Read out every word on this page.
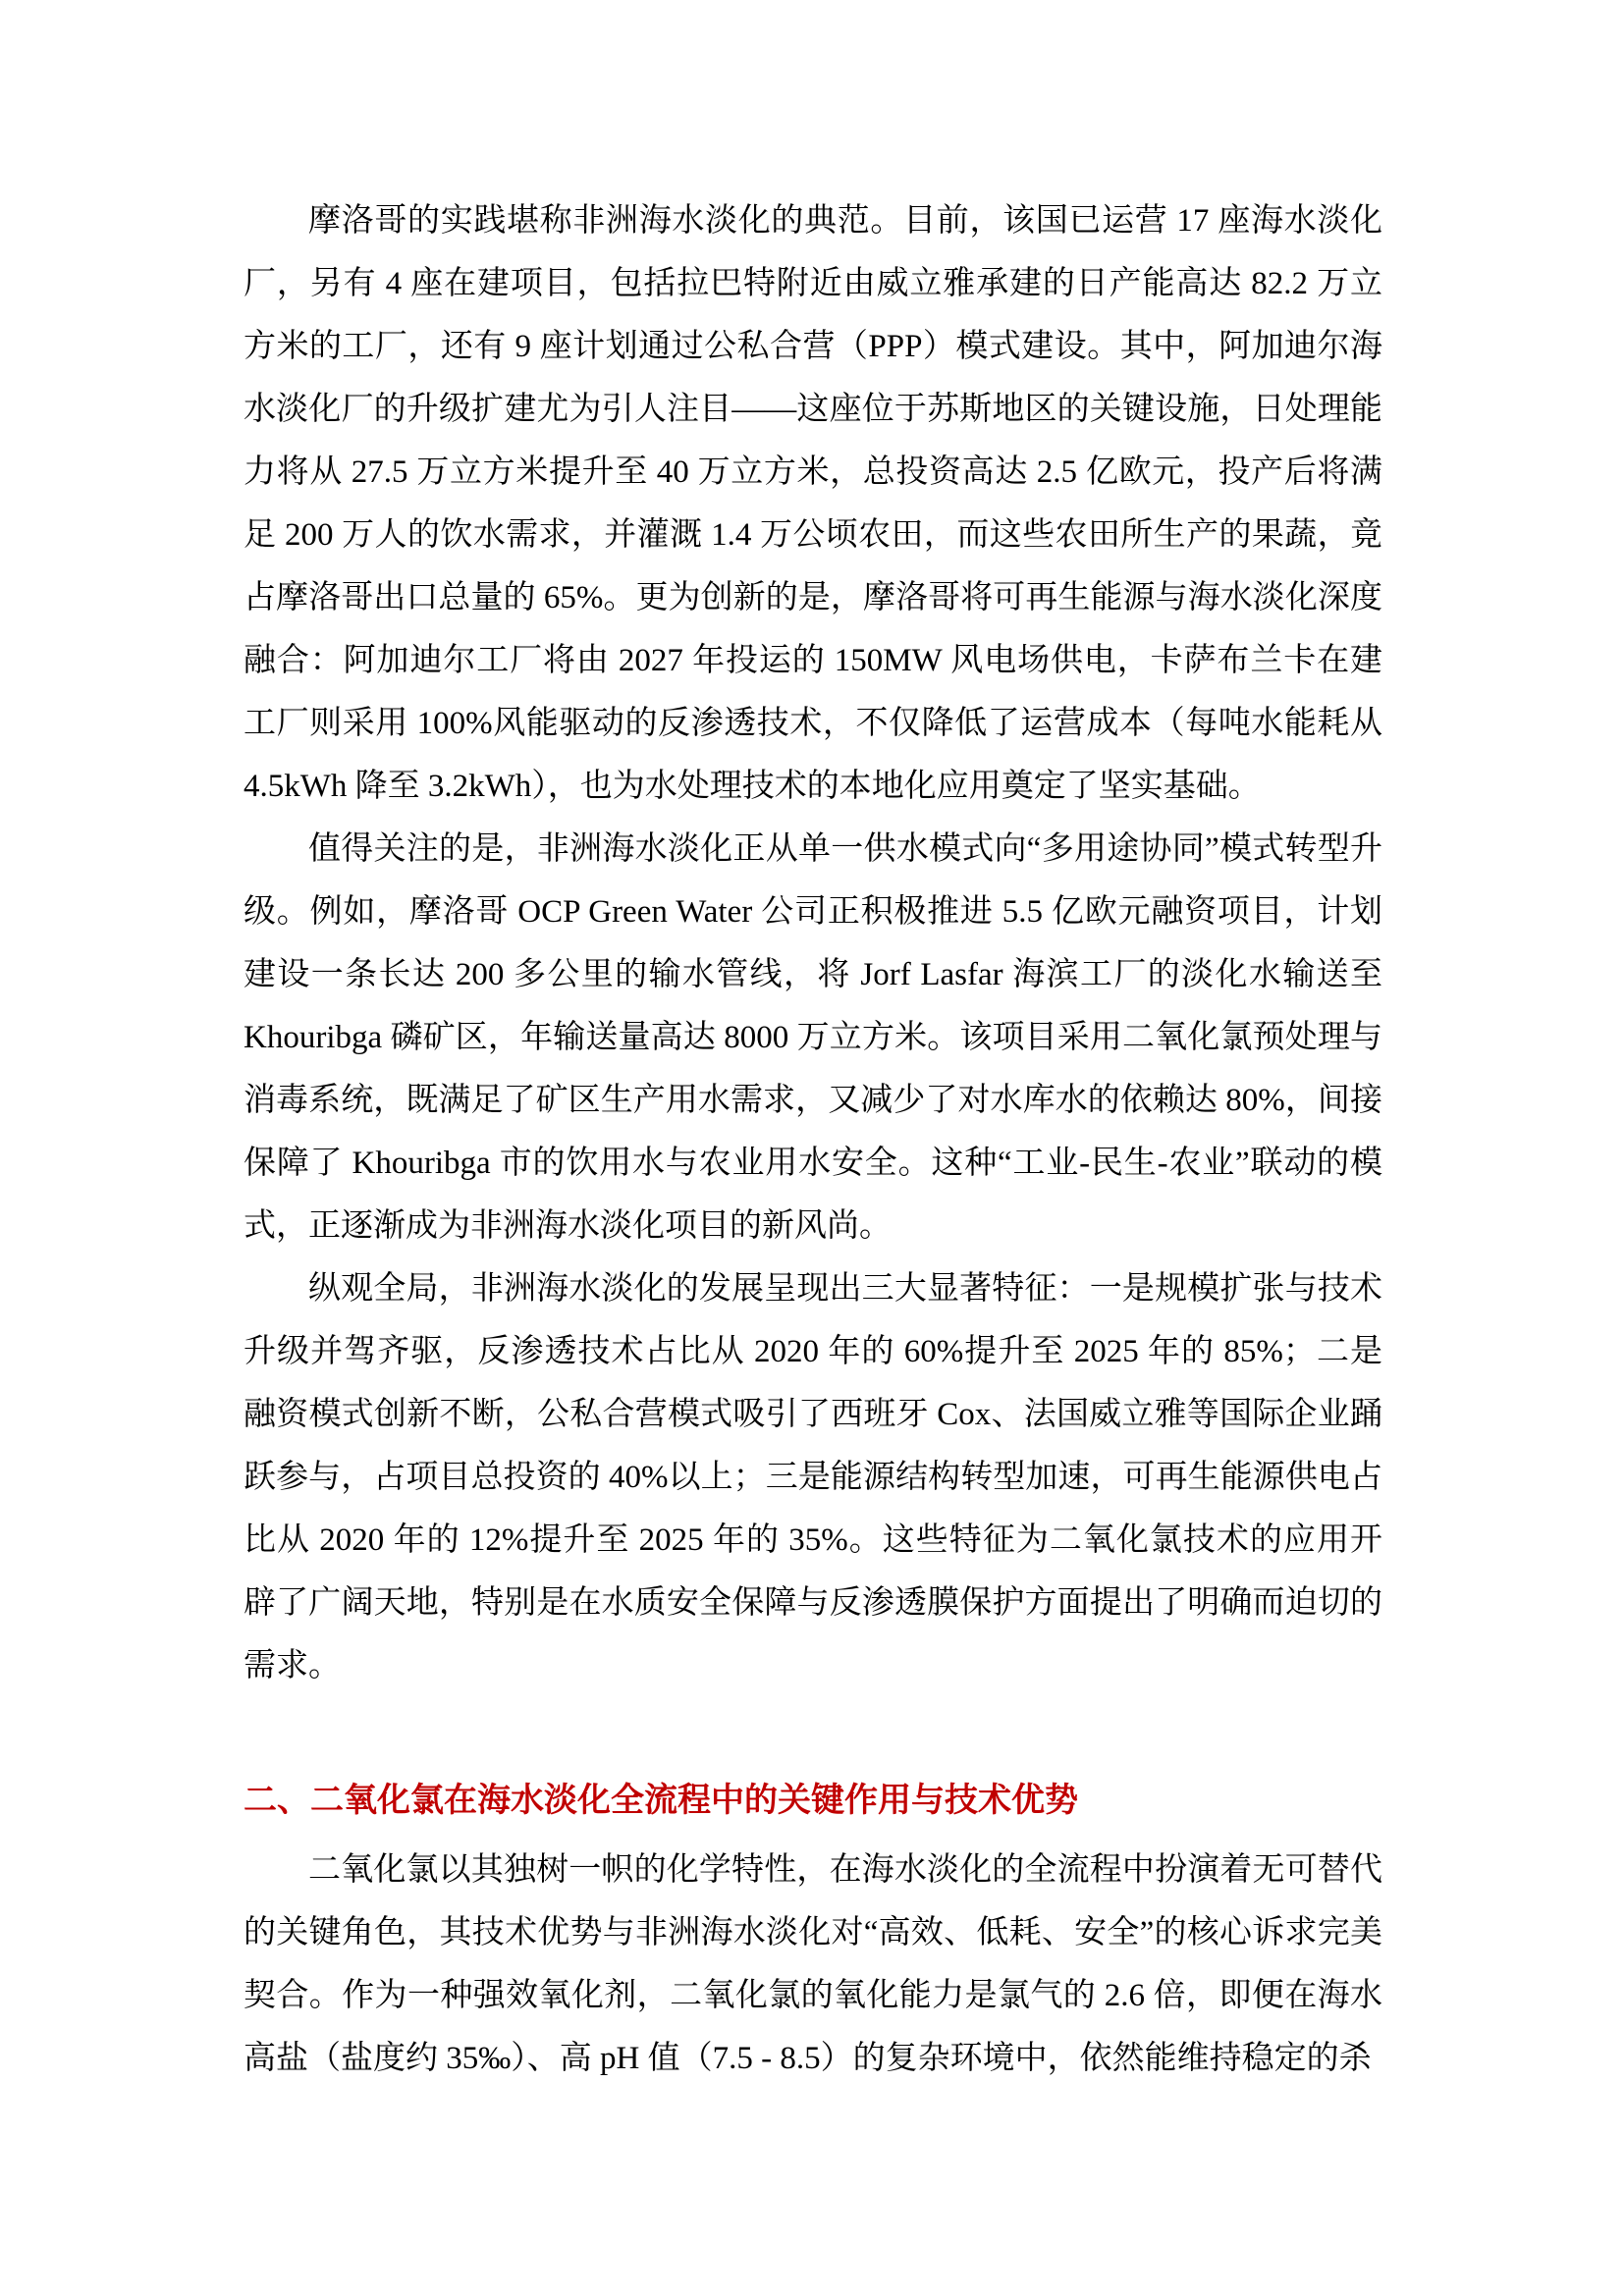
摩洛哥的实践堪称非洲海水淡化的典范。目前，该国已运营 17 座海水淡化厂，另有 4 座在建项目，包括拉巴特附近由威立雅承建的日产能高达 82.2 万立方米的工厂，还有 9 座计划通过公私合营（PPP）模式建设。其中，阿加迪尔海水淡化厂的升级扩建尤为引人注目——这座位于苏斯地区的关键设施，日处理能力将从 27.5 万立方米提升至 40 万立方米，总投资高达 2.5 亿欧元，投产后将满足 200 万人的饮水需求，并灌溉 1.4 万公顷农田，而这些农田所生产的果蔬，竟占摩洛哥出口总量的 65%。更为创新的是，摩洛哥将可再生能源与海水淡化深度融合：阿加迪尔工厂将由 2027 年投运的 150MW 风电场供电，卡萨布兰卡在建工厂则采用 100%风能驱动的反渗透技术，不仅降低了运营成本（每吨水能耗从 4.5kWh 降至 3.2kWh），也为水处理技术的本地化应用奠定了坚实基础。

值得关注的是，非洲海水淡化正从单一供水模式向“多用途协同”模式转型升级。例如，摩洛哥 OCP Green Water 公司正积极推进 5.5 亿欧元融资项目，计划建设一条长达 200 多公里的输水管线，将 Jorf Lasfar 海滨工厂的淡化水输送至 Khouribga 磷矿区，年输送量高达 8000 万立方米。该项目采用二氧化氯预处理与消毒系统，既满足了矿区生产用水需求，又减少了对水库水的依赖达 80%，间接保障了 Khouribga 市的饮用水与农业用水安全。这种“工业-民生-农业”联动的模式，正逐渐成为非洲海水淡化项目的新风尚。

纵观全局，非洲海水淡化的发展呈现出三大显著特征：一是规模扩张与技术升级并驾齐驱，反渗透技术占比从 2020 年的 60%提升至 2025 年的 85%；二是融资模式创新不断，公私合营模式吸引了西班牙 Cox、法国威立雅等国际企业踊跃参与，占项目总投资的 40%以上；三是能源结构转型加速，可再生能源供电占比从 2020 年的 12%提升至 2025 年的 35%。这些特征为二氧化氯技术的应用开辟了广阔天地，特别是在水质安全保障与反渗透膜保护方面提出了明确而迫切的需求。

二、二氧化氯在海水淡化全流程中的关键作用与技术优势

二氧化氯以其独树一帜的化学特性，在海水淡化的全流程中扮演着无可替代的关键角色，其技术优势与非洲海水淡化对“高效、低耗、安全”的核心诉求完美契合。作为一种强效氧化剂，二氧化氯的氧化能力是氯气的 2.6 倍，即便在海水高盐（盐度约 35‰）、高 pH 值（7.5 - 8.5）的复杂环境中，依然能维持稳定的杀
